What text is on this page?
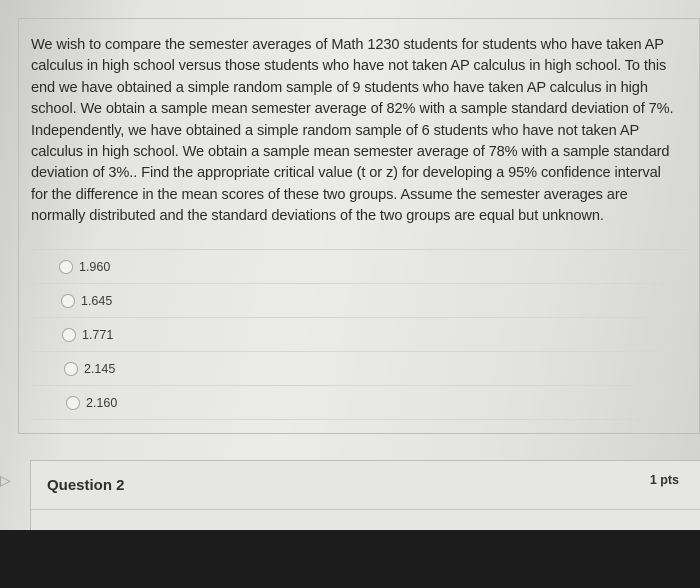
We wish to compare the semester averages of Math 1230 students for students who have taken AP
calculus in high school versus those students who have not taken AP calculus in high school. To this
end we have obtained a simple random sample of 9 students who have taken AP calculus in high
school. We obtain a sample mean semester average of 82% with a sample standard deviation of 7%.
Independently, we have obtained a simple random sample of 6 students who have not taken AP
calculus in high school. We obtain a sample mean semester average of 78% with a sample standard
deviation of 3%.. Find the appropriate critical value (t or z) for developing a 95% confidence interval
for the difference in the mean scores of these two groups. Assume the semester averages are
normally distributed and the standard deviations of the two groups are equal but unknown.
1.960
1.645
1.771
2.145
2.160
▷	Question 2	1 pts
